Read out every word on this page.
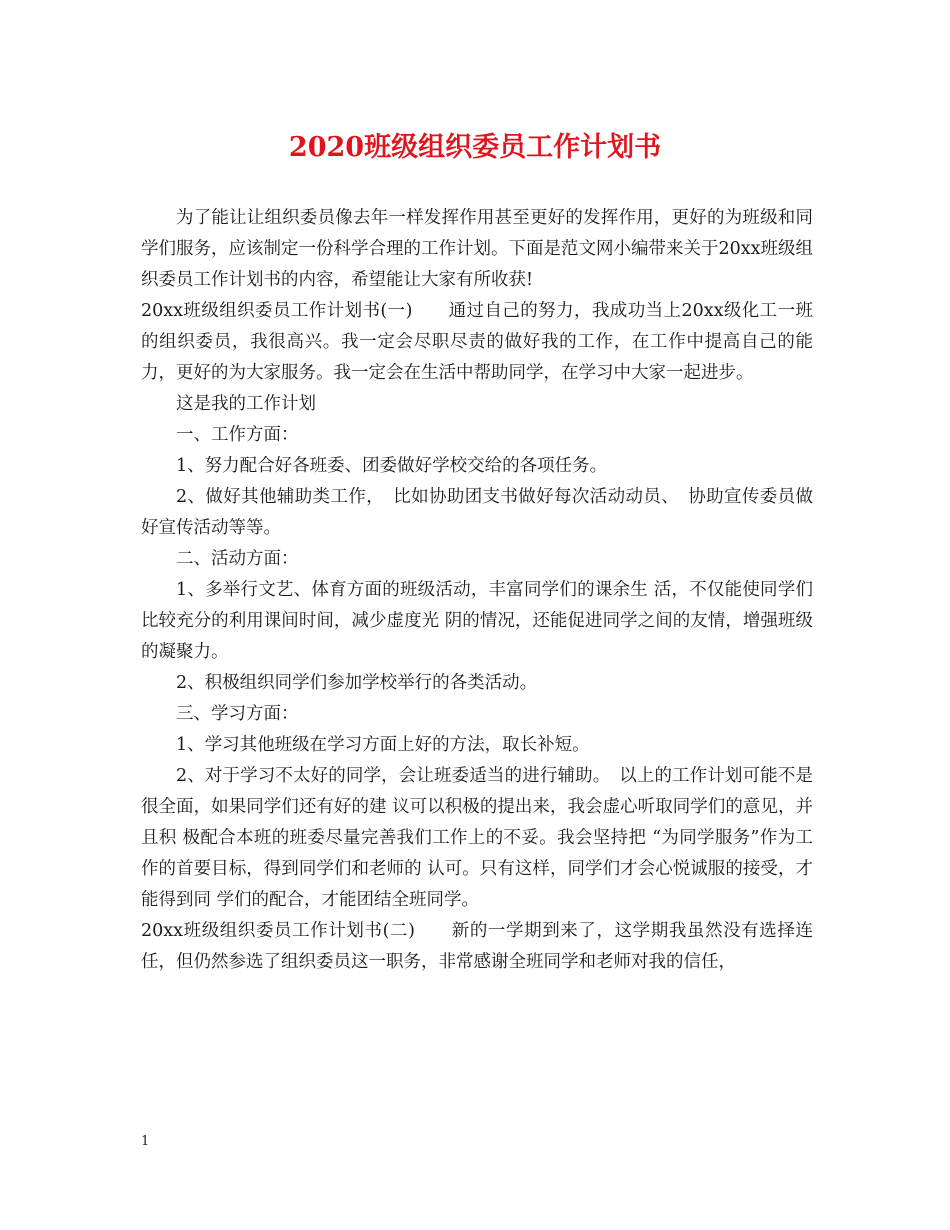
2020班级组织委员工作计划书

为了能让让组织委员像去年一样发挥作用甚至更好的发挥作用，更好的为班级和同学们服务，应该制定一份科学合理的工作计划。下面是范文网小编带来关于20xx班级组织委员工作计划书的内容，希望能让大家有所收获!

20xx班级组织委员工作计划书(一)　　通过自己的努力，我成功当上20xx级化工一班的组织委员，我很高兴。我一定会尽职尽责的做好我的工作，在工作中提高自己的能力，更好的为大家服务。我一定会在生活中帮助同学，在学习中大家一起进步。

这是我的工作计划

一、工作方面：

1、努力配合好各班委、团委做好学校交给的各项任务。

2、做好其他辅助类工作，　比如协助团支书做好每次活动动员、　协助宣传委员做好宣传活动等等。

二、活动方面：

1、多举行文艺、体育方面的班级活动，丰富同学们的课余生 活，不仅能使同学们比较充分的利用课间时间，减少虚度光 阴的情况，还能促进同学之间的友情，增强班级的凝聚力。

2、积极组织同学们参加学校举行的各类活动。

三、学习方面：

1、学习其他班级在学习方面上好的方法，取长补短。

2、对于学习不太好的同学，会让班委适当的进行辅助。　以上的工作计划可能不是很全面，如果同学们还有好的建 议可以积极的提出来，我会虚心听取同学们的意见，并且积 极配合本班的班委尽量完善我们工作上的不妥。我会坚持把 “为同学服务”作为工作的首要目标，得到同学们和老师的 认可。只有这样，同学们才会心悦诚服的接受，才能得到同 学们的配合，才能团结全班同学。

20xx班级组织委员工作计划书(二)　　新的一学期到来了，这学期我虽然没有选择连任，但仍然参选了组织委员这一职务，非常感谢全班同学和老师对我的信任，

1
